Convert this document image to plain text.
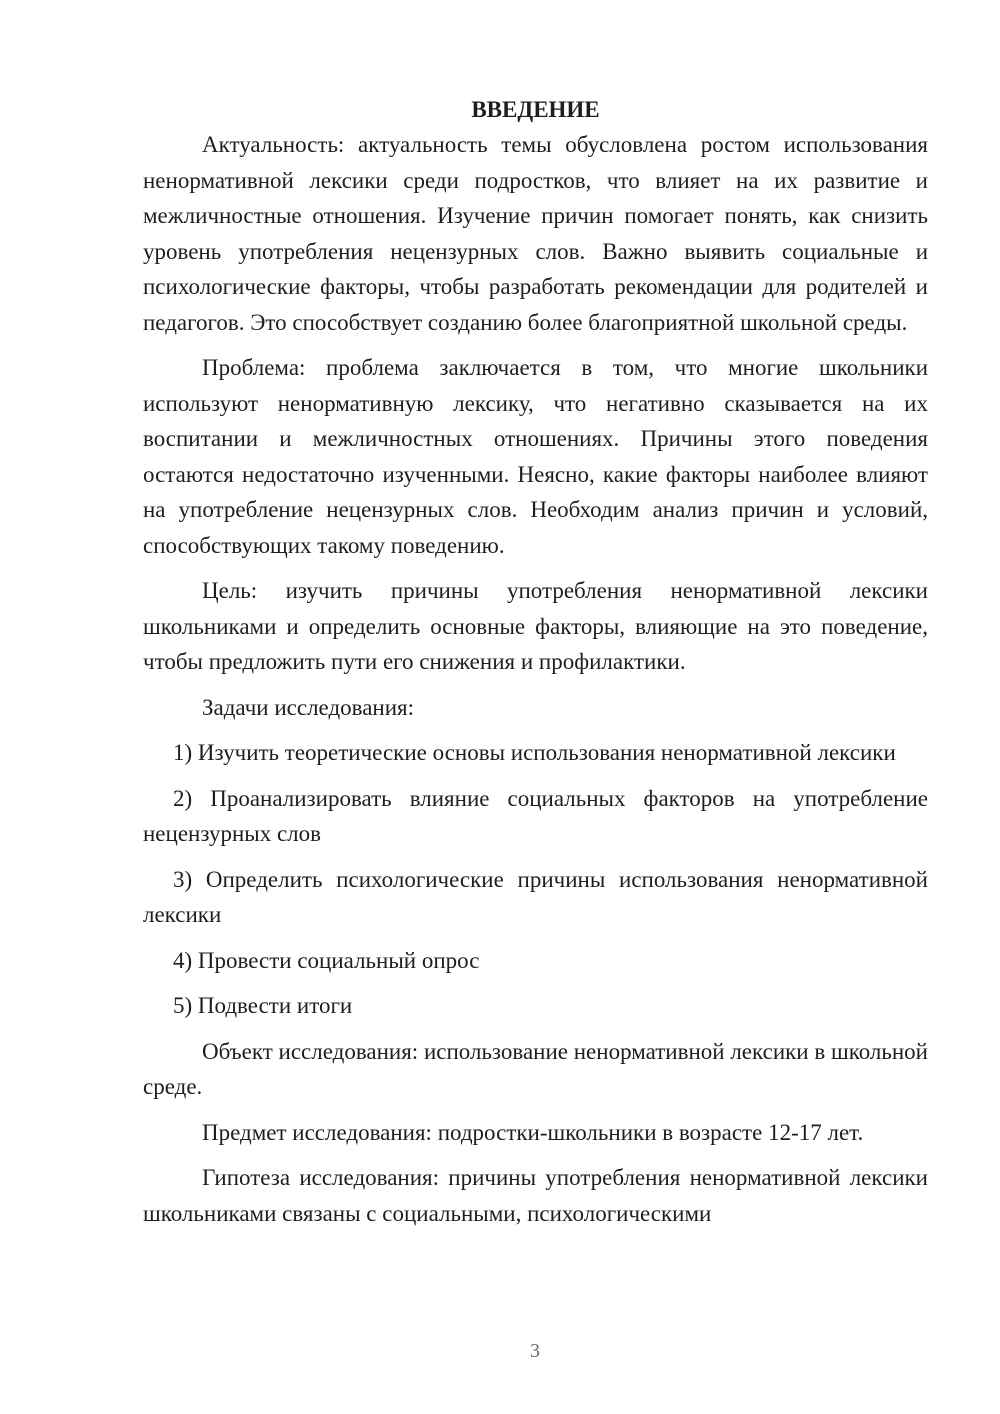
ВВЕДЕНИЕ

Актуальность: актуальность темы обусловлена ростом использования ненормативной лексики среди подростков, что влияет на их развитие и межличностные отношения. Изучение причин помогает понять, как снизить уровень употребления нецензурных слов. Важно выявить социальные и психологические факторы, чтобы разработать рекомендации для родителей и педагогов. Это способствует созданию более благоприятной школьной среды.

Проблема: проблема заключается в том, что многие школьники используют ненормативную лексику, что негативно сказывается на их воспитании и межличностных отношениях. Причины этого поведения остаются недостаточно изученными. Неясно, какие факторы наиболее влияют на употребление нецензурных слов. Необходим анализ причин и условий, способствующих такому поведению.

Цель: изучить причины употребления ненормативной лексики школьниками и определить основные факторы, влияющие на это поведение, чтобы предложить пути его снижения и профилактики.

Задачи исследования:

1) Изучить теоретические основы использования ненормативной лексики

2) Проанализировать влияние социальных факторов на употребление нецензурных слов

3) Определить психологические причины использования ненормативной лексики

4) Провести социальный опрос

5) Подвести итоги

Объект исследования: использование ненормативной лексики в школьной среде.

Предмет исследования: подростки-школьники в возрасте 12-17 лет.

Гипотеза исследования: причины употребления ненормативной лексики школьниками связаны с социальными, психологическими

3
